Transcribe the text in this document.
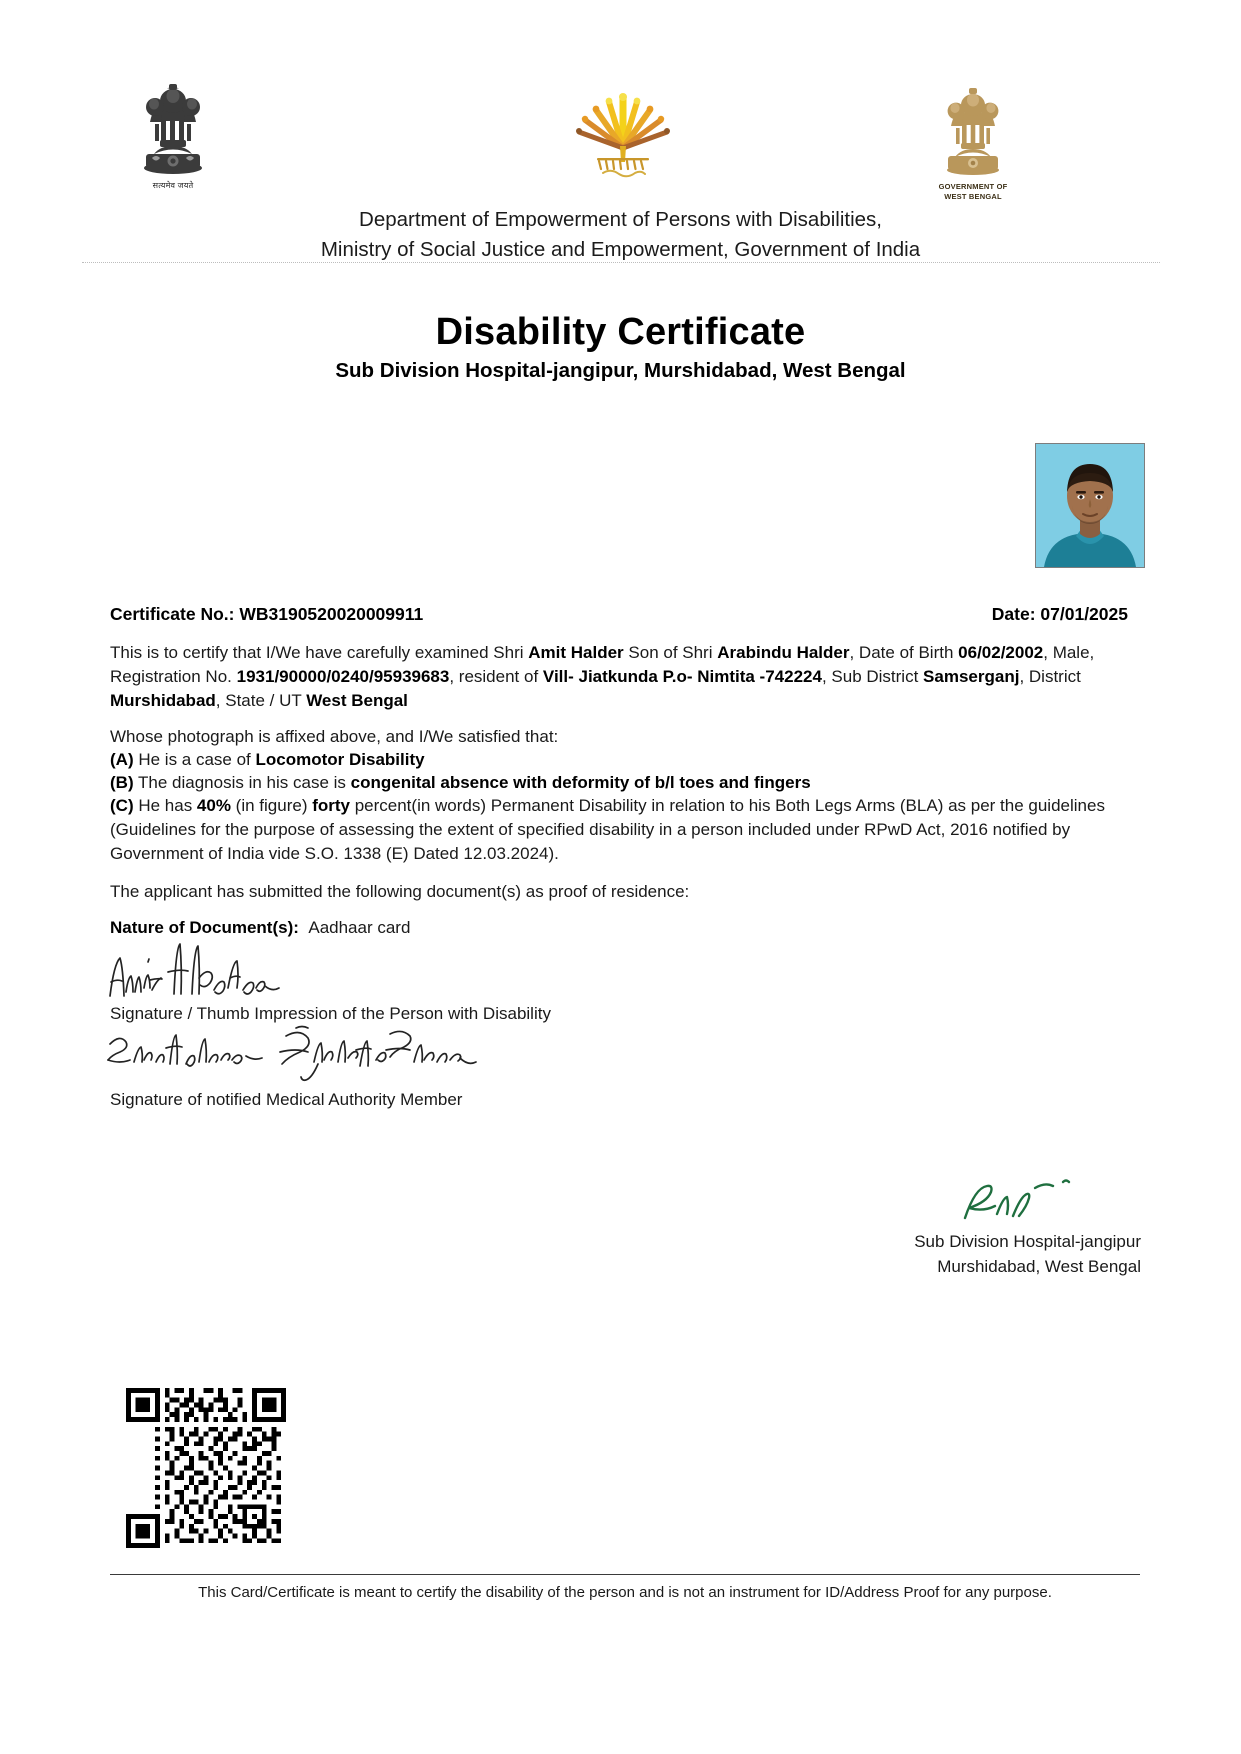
सत्यमेव जयते	GOVERNMENT OF
WEST BENGAL
Department of Empowerment of Persons with Disabilities,
Ministry of Social Justice and Empowerment, Government of India
Disability Certificate
Sub Division Hospital-jangipur, Murshidabad, West Bengal
Certificate No.: WB3190520020009911	Date: 07/01/2025

This is to certify that I/We have carefully examined Shri Amit Halder Son of Shri Arabindu Halder, Date of Birth 06/02/2002, Male, Registration No. 1931/90000/0240/95939683, resident of Vill- Jiatkunda P.o- Nimtita -742224, Sub District Samserganj, District Murshidabad, State / UT West Bengal

Whose photograph is affixed above, and I/We satisfied that:

(A) He is a case of Locomotor Disability

(B) The diagnosis in his case is congenital absence with deformity of b/l toes and fingers

(C) He has 40% (in figure) forty percent(in words) Permanent Disability in relation to his Both Legs Arms (BLA) as per the guidelines (Guidelines for the purpose of assessing the extent of specified disability in a person included under RPwD Act, 2016 notified by Government of India vide S.O. 1338 (E) Dated 12.03.2024).

The applicant has submitted the following document(s) as proof of residence:

Nature of Document(s): Aadhaar card

Signature / Thumb Impression of the Person with Disability
Signature of notified Medical Authority Member
Sub Division Hospital-jangipur
Murshidabad, West Bengal
This Card/Certificate is meant to certify the disability of the person and is not an instrument for ID/Address Proof for any purpose.
